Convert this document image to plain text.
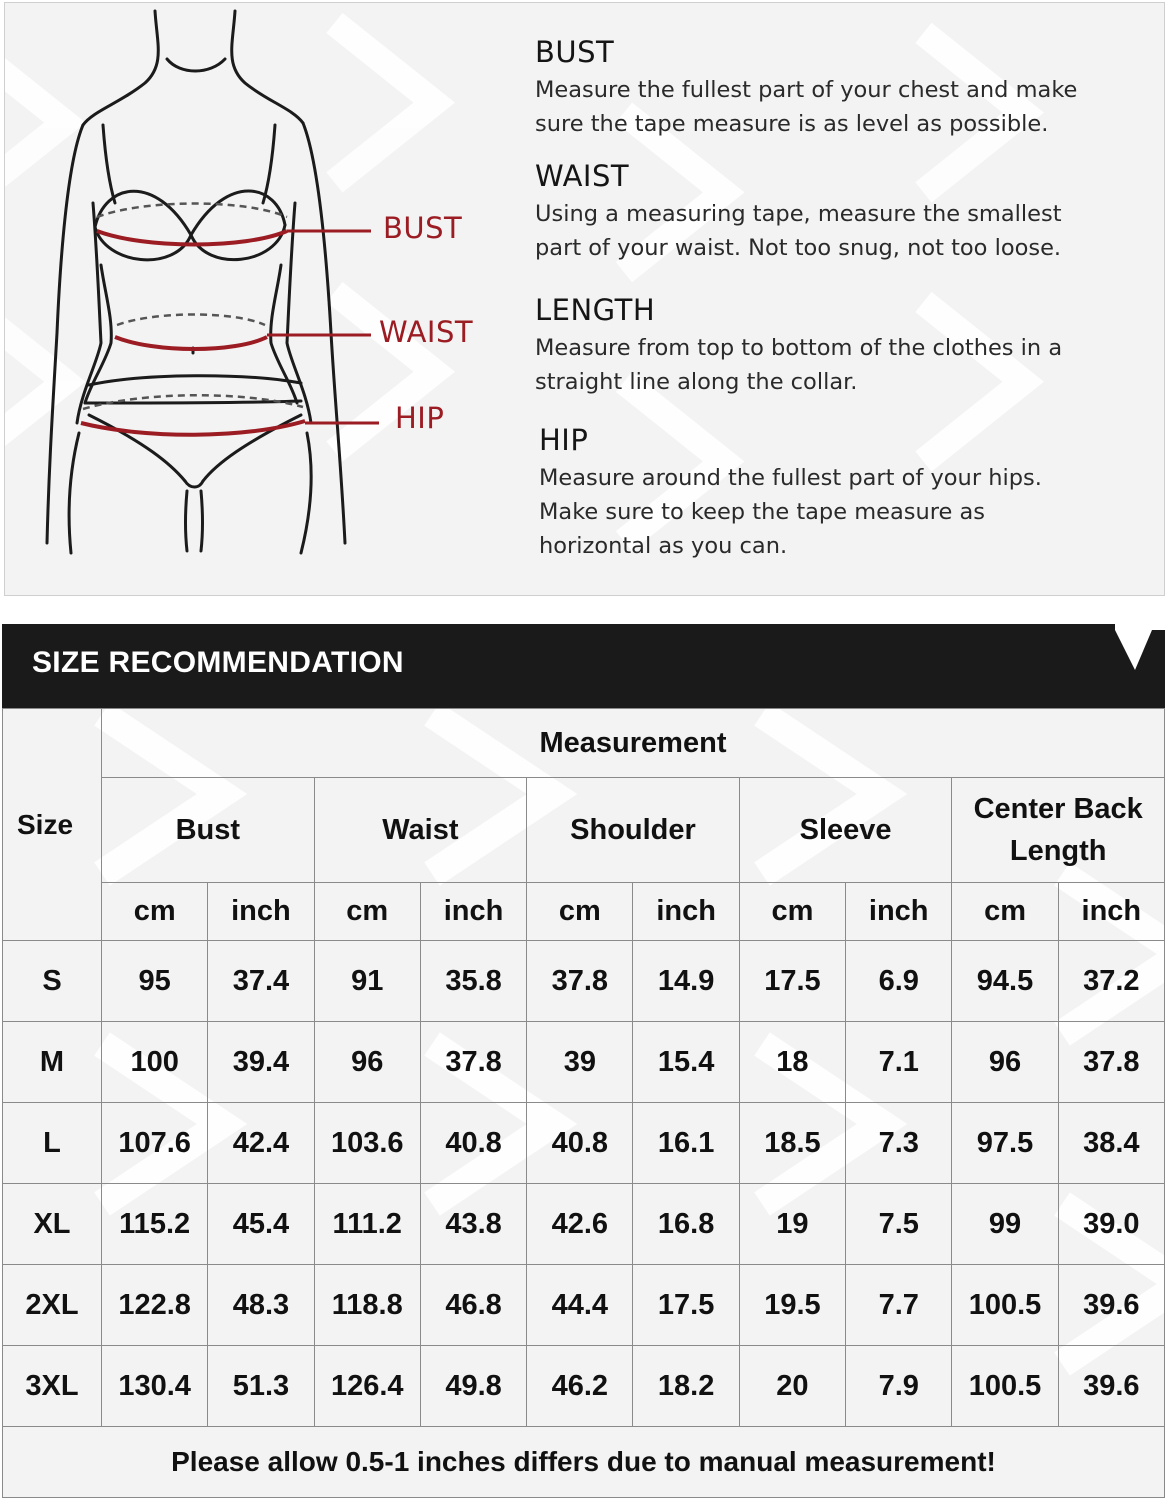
BUST
WAIST
HIP

BUST

Measure the fullest part of your chest and make

sure the tape measure is as level as possible.

WAIST

Using a measuring tape, measure the smallest

part of your waist. Not too snug, not too loose.

LENGTH

Measure from top to bottom of the clothes in a

straight line along the collar.

HIP

Measure around the fullest part of your hips.

Make sure to keep the tape measure as

horizontal as you can.

SIZE RECOMMENDATION
Size	Measurement									
	Bust		Waist		Shoulder		Sleeve		Center Back Length	
	cm	inch	cm	inch	cm	inch	cm	inch	cm	inch
S	95	37.4	91	35.8	37.8	14.9	17.5	6.9	94.5	37.2
M	100	39.4	96	37.8	39	15.4	18	7.1	96	37.8
L	107.6	42.4	103.6	40.8	40.8	16.1	18.5	7.3	97.5	38.4
XL	115.2	45.4	111.2	43.8	42.6	16.8	19	7.5	99	39.0
2XL	122.8	48.3	118.8	46.8	44.4	17.5	19.5	7.7	100.5	39.6
3XL	130.4	51.3	126.4	49.8	46.2	18.2	20	7.9	100.5	39.6
Please allow 0.5-1 inches differs due to manual measurement!										
